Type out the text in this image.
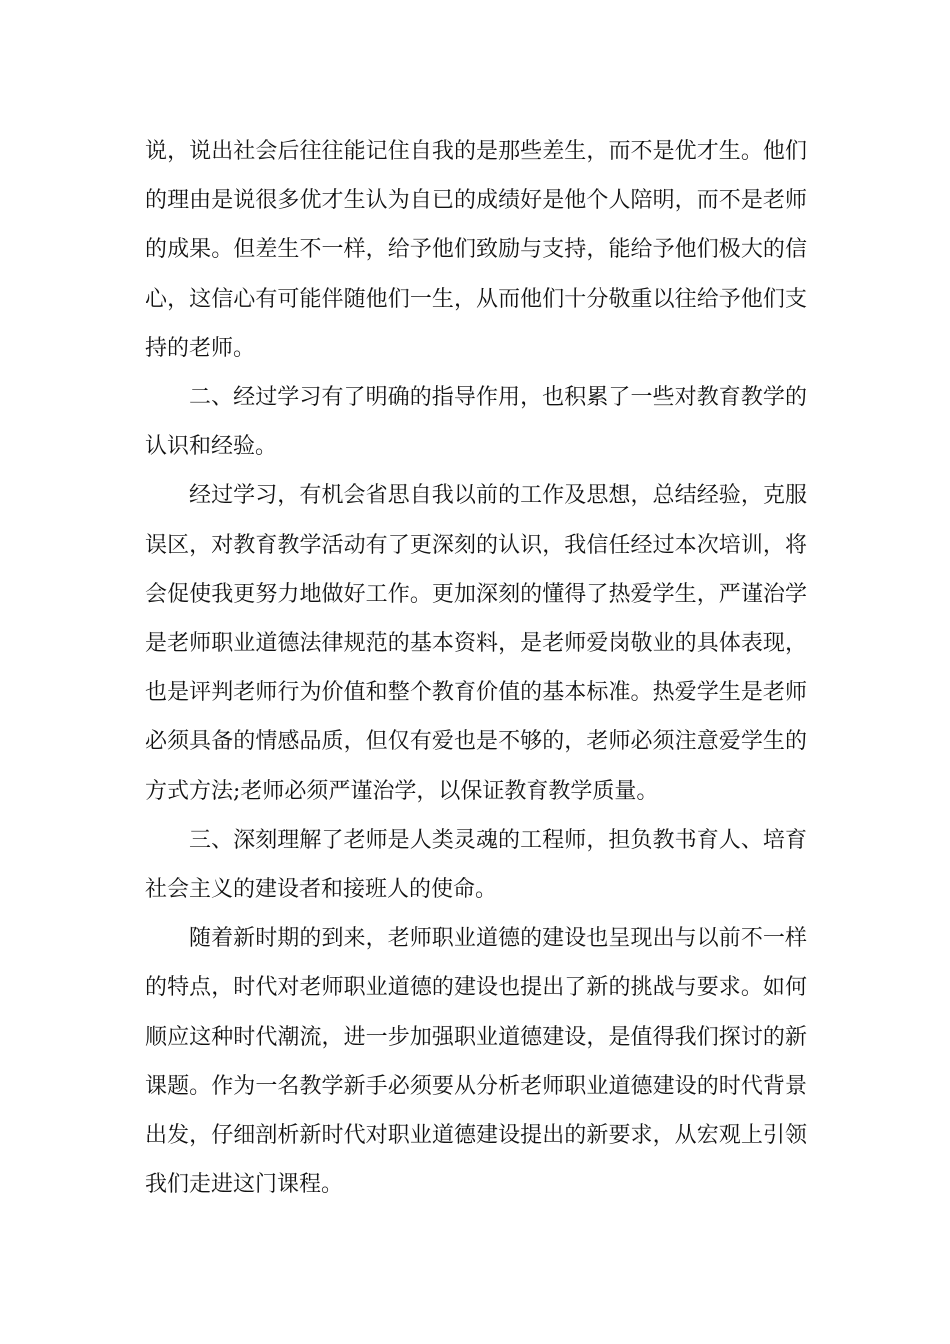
说，说出社会后往往能记住自我的是那些差生，而不是优才生。他们的理由是说很多优才生认为自已的成绩好是他个人陪明，而不是老师的成果。但差生不一样，给予他们致励与支持，能给予他们极大的信心，这信心有可能伴随他们一生，从而他们十分敬重以往给予他们支持的老师。

二、经过学习有了明确的指导作用，也积累了一些对教育教学的认识和经验。

经过学习，有机会省思自我以前的工作及思想，总结经验，克服误区，对教育教学活动有了更深刻的认识，我信任经过本次培训，将会促使我更努力地做好工作。更加深刻的懂得了热爱学生，严谨治学是老师职业道德法律规范的基本资料，是老师爱岗敬业的具体表现，也是评判老师行为价值和整个教育价值的基本标准。热爱学生是老师必须具备的情感品质，但仅有爱也是不够的，老师必须注意爱学生的方式方法;老师必须严谨治学，以保证教育教学质量。

三、深刻理解了老师是人类灵魂的工程师，担负教书育人、培育社会主义的建设者和接班人的使命。

随着新时期的到来，老师职业道德的建设也呈现出与以前不一样的特点，时代对老师职业道德的建设也提出了新的挑战与要求。如何顺应这种时代潮流，进一步加强职业道德建设，是值得我们探讨的新课题。作为一名教学新手必须要从分析老师职业道德建设的时代背景出发，仔细剖析新时代对职业道德建设提出的新要求，从宏观上引领我们走进这门课程。
